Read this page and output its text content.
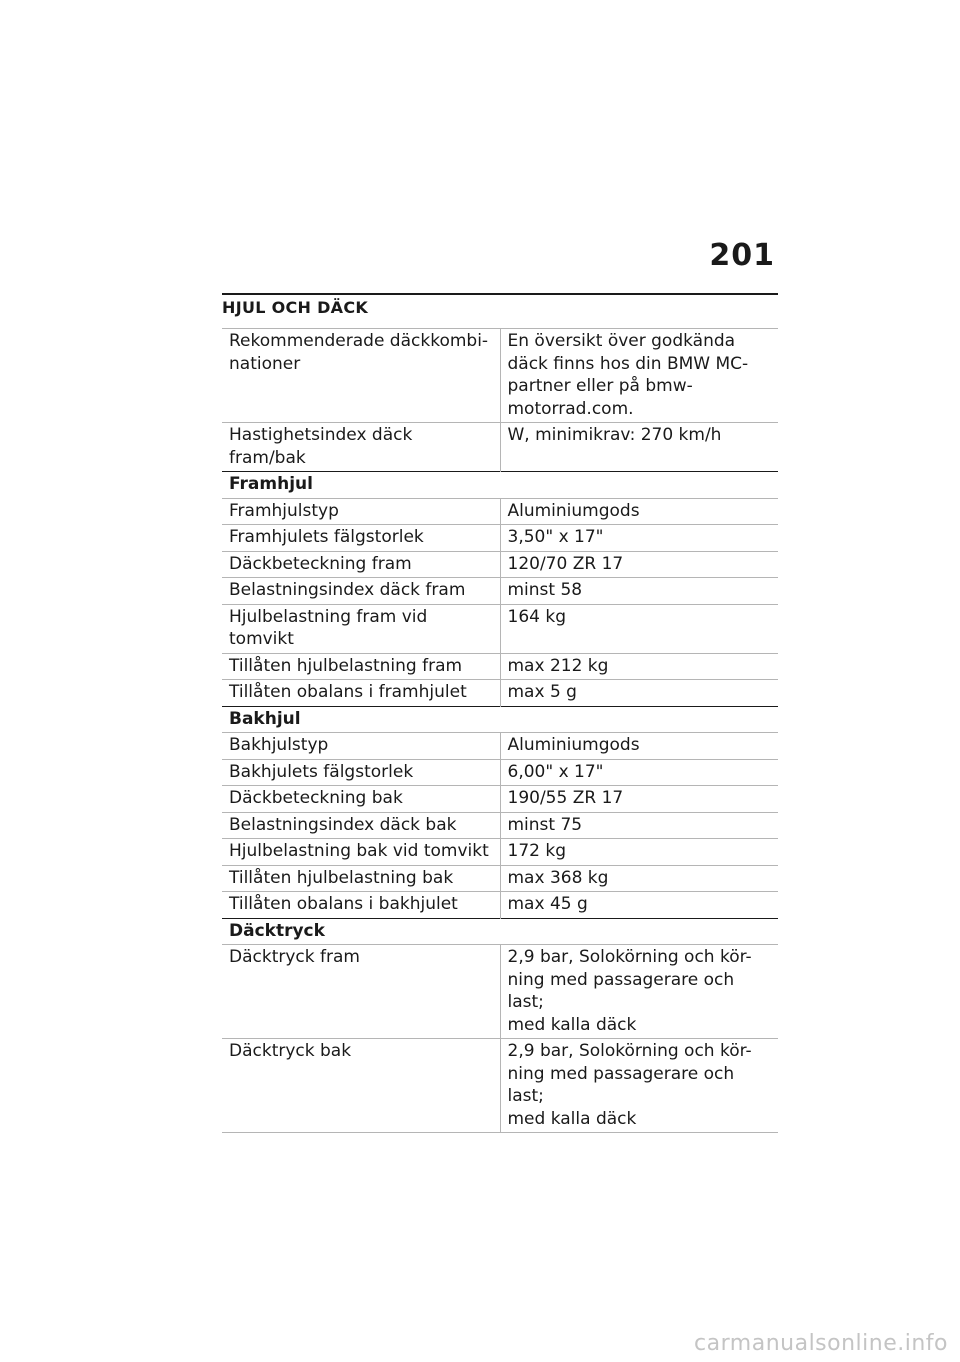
201
HJUL OCH DÄCK
Rekommenderade däckkombi-
nationer	En översikt över godkända
däck finns hos din BMW MC-
partner eller på bmw-
motorrad.com.
Hastighetsindex däck fram/bak	W, minimikrav: 270 km/h
Framhjul	
Framhjulstyp	Aluminiumgods
Framhjulets fälgstorlek	3,50" x 17"
Däckbeteckning fram	120/70 ZR 17
Belastningsindex däck fram	minst 58
Hjulbelastning fram vid tomvikt	164 kg
Tillåten hjulbelastning fram	max 212 kg
Tillåten obalans i framhjulet	max 5 g
Bakhjul	
Bakhjulstyp	Aluminiumgods
Bakhjulets fälgstorlek	6,00" x 17"
Däckbeteckning bak	190/55 ZR 17
Belastningsindex däck bak	minst 75
Hjulbelastning bak vid tomvikt	172 kg
Tillåten hjulbelastning bak	max 368 kg
Tillåten obalans i bakhjulet	max 45 g
Däcktryck	
Däcktryck fram	2,9 bar, Solokörning och kör-
ning med passagerare och last;
med kalla däck
Däcktryck bak	2,9 bar, Solokörning och kör-
ning med passagerare och last;
med kalla däck
carmanualsonline.info
